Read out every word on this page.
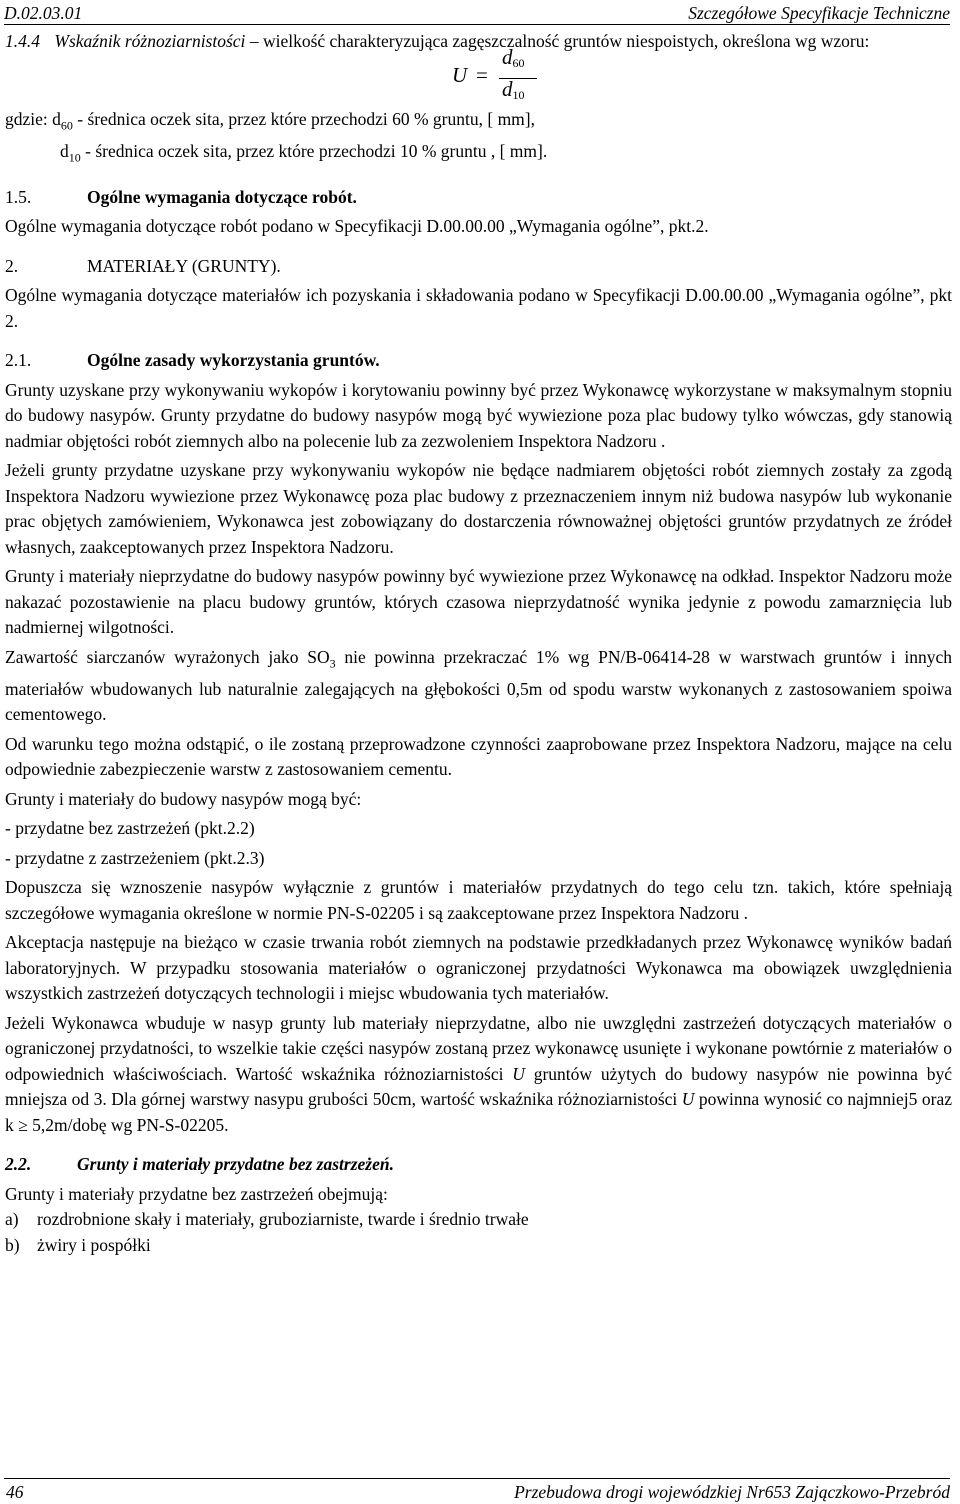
D.02.03.01	Szczegółowe Specyfikacje Techniczne

1.4.4 Wskaźnik różnoziarnistości – wielkość charakteryzująca zagęszczalność gruntów niespoistych, określona wg wzoru:

U =
$d_{60}$
$d_{10}$

gdzie: $d_{60}$ - średnica oczek sita, przez które przechodzi 60 % gruntu, [ mm],

$d_{10}$ - średnica oczek sita, przez które przechodzi 10 % gruntu , [ mm].

1.5.	Ogólne wymagania dotyczące robót.

Ogólne wymagania dotyczące robót podano w Specyfikacji D.00.00.00 „Wymagania ogólne”, pkt.2.

2.	MATERIAŁY (GRUNTY).

Ogólne wymagania dotyczące materiałów ich pozyskania i składowania podano w Specyfikacji D.00.00.00 „Wymagania ogólne”, pkt 2.

2.1.	Ogólne zasady wykorzystania gruntów.

Grunty uzyskane przy wykonywaniu wykopów i korytowaniu powinny być przez Wykonawcę wykorzystane w maksymalnym stopniu do budowy nasypów. Grunty przydatne do budowy nasypów mogą być wywiezione poza plac budowy tylko wówczas, gdy stanowią nadmiar objętości robót ziemnych albo na polecenie lub za zezwoleniem Inspektora Nadzoru .

Jeżeli grunty przydatne uzyskane przy wykonywaniu wykopów nie będące nadmiarem objętości robót ziemnych zostały za zgodą Inspektora Nadzoru wywiezione przez Wykonawcę poza plac budowy z przeznaczeniem innym niż budowa nasypów lub wykonanie prac objętych zamówieniem, Wykonawca jest zobowiązany do dostarczenia równoważnej objętości gruntów przydatnych ze źródeł własnych, zaakceptowanych przez Inspektora Nadzoru.

Grunty i materiały nieprzydatne do budowy nasypów powinny być wywiezione przez Wykonawcę na odkład. Inspektor Nadzoru może nakazać pozostawienie na placu budowy gruntów, których czasowa nieprzydatność wynika jedynie z powodu zamarznięcia lub nadmiernej wilgotności.

Zawartość siarczanów wyrażonych jako $SO_3$ nie powinna przekraczać 1% wg PN/B-06414-28 w warstwach gruntów i innych materiałów wbudowanych lub naturalnie zalegających na głębokości 0,5m od spodu warstw wykonanych z zastosowaniem spoiwa cementowego.

Od warunku tego można odstąpić, o ile zostaną przeprowadzone czynności zaaprobowane przez Inspektora Nadzoru, mające na celu odpowiednie zabezpieczenie warstw z zastosowaniem cementu.

Grunty i materiały do budowy nasypów mogą być:

- przydatne bez zastrzeżeń (pkt.2.2)

- przydatne z zastrzeżeniem (pkt.2.3)

Dopuszcza się wznoszenie nasypów wyłącznie z gruntów i materiałów przydatnych do tego celu tzn. takich, które spełniają szczegółowe wymagania określone w normie PN-S-02205 i są zaakceptowane przez Inspektora Nadzoru .

Akceptacja następuje na bieżąco w czasie trwania robót ziemnych na podstawie przedkładanych przez Wykonawcę wyników badań laboratoryjnych. W przypadku stosowania materiałów o ograniczonej przydatności Wykonawca ma obowiązek uwzględnienia wszystkich zastrzeżeń dotyczących technologii i miejsc wbudowania tych materiałów.

Jeżeli Wykonawca wbuduje w nasyp grunty lub materiały nieprzydatne, albo nie uwzględni zastrzeżeń dotyczących materiałów o ograniczonej przydatności, to wszelkie takie części nasypów zostaną przez wykonawcę usunięte i wykonane powtórnie z materiałów o odpowiednich właściwościach. Wartość wskaźnika różnoziarnistości U gruntów użytych do budowy nasypów nie powinna być mniejsza od 3. Dla górnej warstwy nasypu grubości 50cm, wartość wskaźnika różnoziarnistości U powinna wynosić co najmniej5 oraz k ≥ 5,2m/dobę wg PN-S-02205.

2.2.	Grunty i materiały przydatne bez zastrzeżeń.

Grunty i materiały przydatne bez zastrzeżeń obejmują:

a) rozdrobnione skały i materiały, gruboziarniste, twarde i średnio trwałe

b) żwiry i pospółki

46	Przebudowa drogi wojewódzkiej Nr653 Zajączkowo-Przebród
